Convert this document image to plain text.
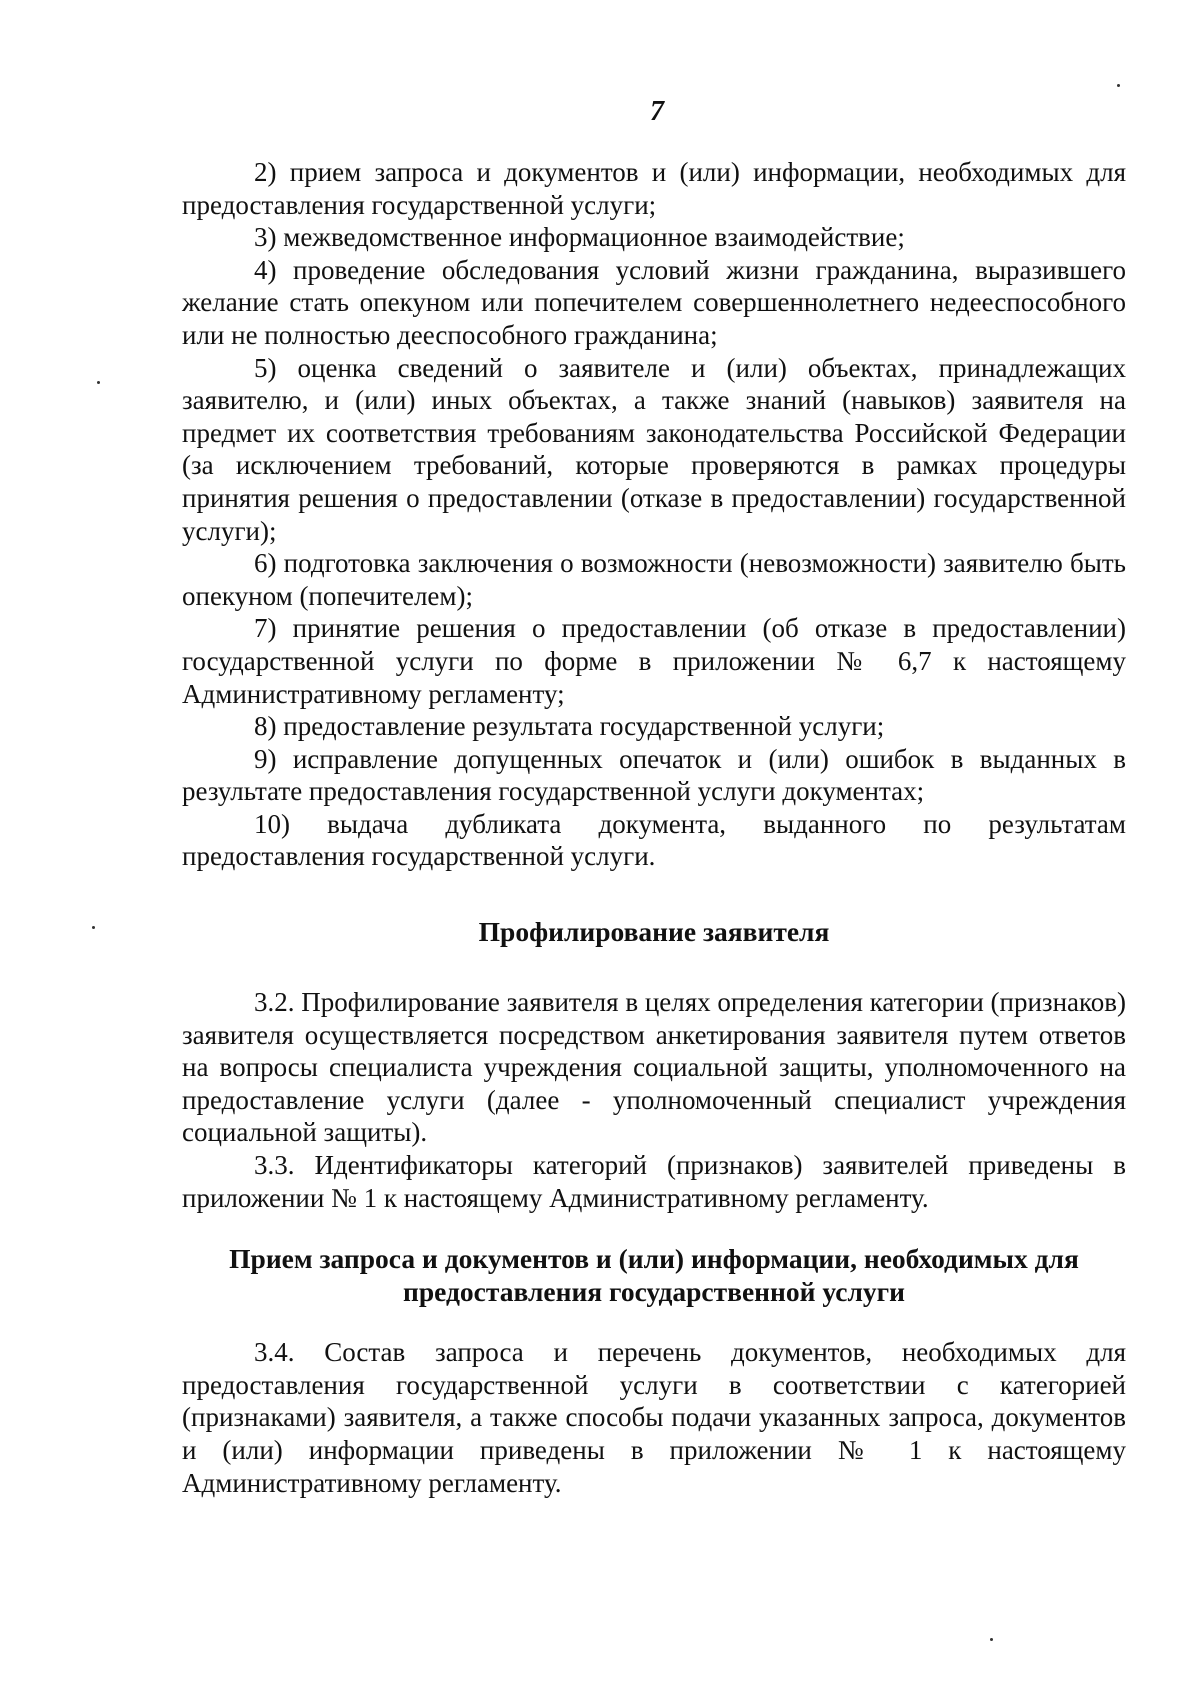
7

2) прием запроса и документов и (или) информации, необходимых для предоставления государственной услуги;

3) межведомственное информационное взаимодействие;

4) проведение обследования условий жизни гражданина, выразившего желание стать опекуном или попечителем совершеннолетнего недееспособного или не полностью дееспособного гражданина;

5) оценка сведений о заявителе и (или) объектах, принадлежащих заявителю, и (или) иных объектах, а также знаний (навыков) заявителя на предмет их соответствия требованиям законодательства Российской Федерации (за исключением требований, которые проверяются в рамках процедуры принятия решения о предоставлении (отказе в предоставлении) государственной услуги);

6) подготовка заключения о возможности (невозможности) заявителю быть опекуном (попечителем);

7) принятие решения о предоставлении (об отказе в предоставлении) государственной услуги по форме в приложении № 6,7 к настоящему Административному регламенту;

8) предоставление результата государственной услуги;

9) исправление допущенных опечаток и (или) ошибок в выданных в результате предоставления государственной услуги документах;

10) выдача дубликата документа, выданного по результатам предоставления государственной услуги.

Профилирование заявителя

3.2. Профилирование заявителя в целях определения категории (признаков) заявителя осуществляется посредством анкетирования заявителя путем ответов на вопросы специалиста учреждения социальной защиты, уполномоченного на предоставление услуги (далее - уполномоченный специалист учреждения социальной защиты).

3.3. Идентификаторы категорий (признаков) заявителей приведены в приложении № 1 к настоящему Административному регламенту.

Прием запроса и документов и (или) информации, необходимых для
предоставления государственной услуги

3.4. Состав запроса и перечень документов, необходимых для предоставления государственной услуги в соответствии с категорией (признаками) заявителя, а также способы подачи указанных запроса, документов и (или) информации приведены в приложении № 1 к настоящему Административному регламенту.
